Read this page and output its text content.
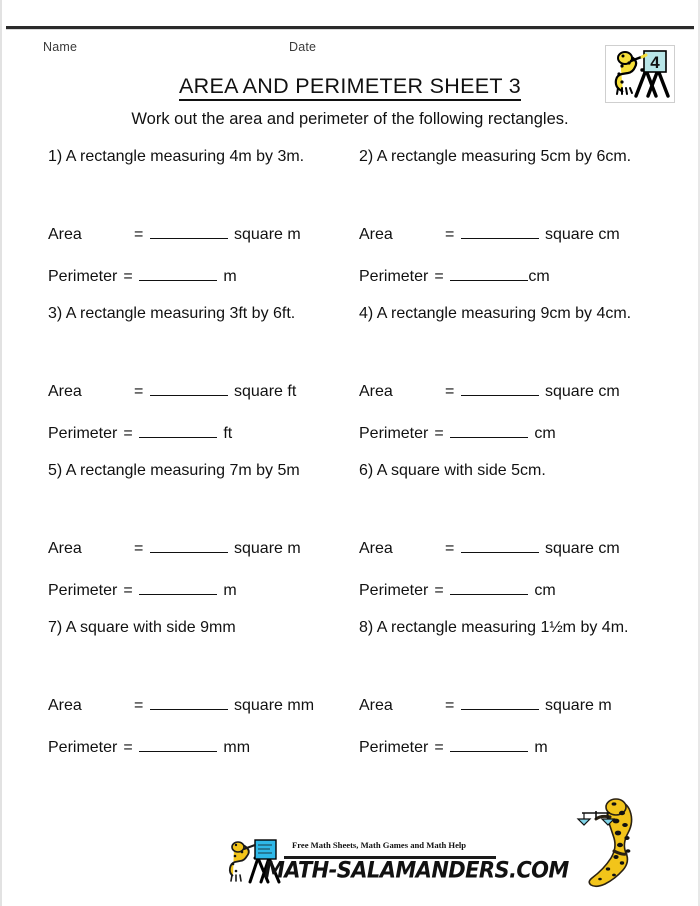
Name	Date
4
AREA AND PERIMETER SHEET 3
Work out the area and perimeter of the following rectangles.

1) A rectangle measuring 4m by 3m.

Area	=	square m
Perimeter =	m

2) A rectangle measuring 5cm by 6cm.

Area	=	square cm
Perimeter =	cm

3) A rectangle measuring 3ft by 6ft.

Area	=	square ft
Perimeter =	ft

4) A rectangle measuring 9cm by 4cm.

Area	=	square cm
Perimeter =	cm

5) A rectangle measuring 7m by 5m

Area	=	square m
Perimeter =	m

6) A square with side 5cm.

Area	=	square cm
Perimeter =	cm

7) A square with side 9mm

Area	=	square mm
Perimeter =	mm

8) A rectangle measuring 1½m by 4m.

Area	=	square m
Perimeter =	m
Free Math Sheets, Math Games and Math Help
MATH-SALAMANDERS.COM
